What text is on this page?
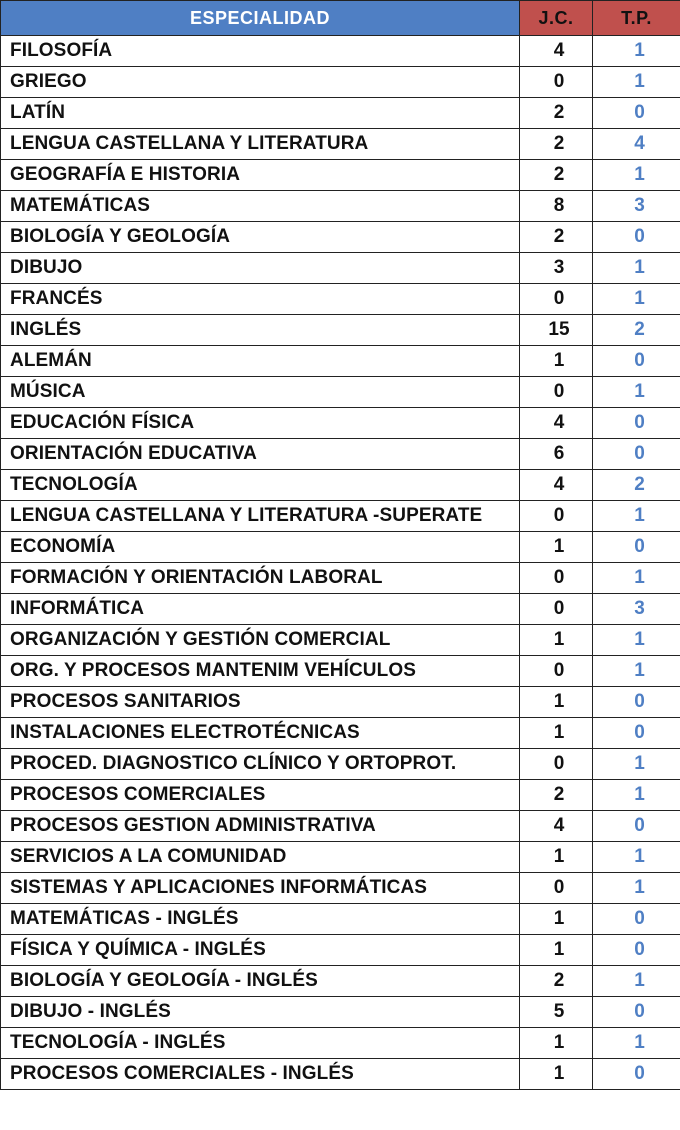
ESPECIALIDAD	J.C.	T.P.
FILOSOFÍA	4	1
GRIEGO	0	1
LATÍN	2	0
LENGUA CASTELLANA Y LITERATURA	2	4
GEOGRAFÍA E HISTORIA	2	1
MATEMÁTICAS	8	3
BIOLOGÍA Y GEOLOGÍA	2	0
DIBUJO	3	1
FRANCÉS	0	1
INGLÉS	15	2
ALEMÁN	1	0
MÚSICA	0	1
EDUCACIÓN FÍSICA	4	0
ORIENTACIÓN EDUCATIVA	6	0
TECNOLOGÍA	4	2
LENGUA CASTELLANA Y LITERATURA -SUPERATE	0	1
ECONOMÍA	1	0
FORMACIÓN Y ORIENTACIÓN LABORAL	0	1
INFORMÁTICA	0	3
ORGANIZACIÓN Y GESTIÓN COMERCIAL	1	1
ORG. Y PROCESOS MANTENIM VEHÍCULOS	0	1
PROCESOS SANITARIOS	1	0
INSTALACIONES ELECTROTÉCNICAS	1	0
PROCED. DIAGNOSTICO CLÍNICO Y ORTOPROT.	0	1
PROCESOS COMERCIALES	2	1
PROCESOS GESTION ADMINISTRATIVA	4	0
SERVICIOS A LA COMUNIDAD	1	1
SISTEMAS Y APLICACIONES INFORMÁTICAS	0	1
MATEMÁTICAS - INGLÉS	1	0
FÍSICA Y QUÍMICA - INGLÉS	1	0
BIOLOGÍA Y GEOLOGÍA - INGLÉS	2	1
DIBUJO - INGLÉS	5	0
TECNOLOGÍA - INGLÉS	1	1
PROCESOS COMERCIALES - INGLÉS	1	0
